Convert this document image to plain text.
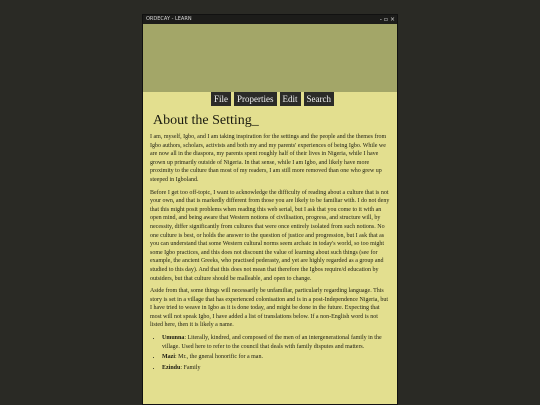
ORDECAY - LEARN	- ▫ ×
File	Properties	Edit	Search
About the Setting_

I am, myself, Igbo, and I am taking inspiration for the settings and the people and the themes from Igbo authors, scholars, activists and both my and my parents' experiences of being Igbo. While we are now all in the diaspora, my parents spent roughly half of their lives in Nigeria, while I have grown up primarily outside of Nigeria. In that sense, while I am Igbo, and likely have more proximity to the culture than most of my readers, I am still more removed than one who grew up steeped in Igboland.

Before I get too off-topic, I want to acknowledge the difficulty of reading about a culture that is not your own, and that is markedly different from those you are likely to be familiar with. I do not deny that this might posit problems when reading this web serial, but I ask that you come to it with an open mind, and being aware that Western notions of civilisation, progress, and structure will, by necessity, differ significantly from cultures that were once entirely isolated from such notions. No one culture is best, or holds the answer to the question of justice and progression, but I ask that as you can understand that some Western cultural norms seem archaic in today's world, so too might some Igbo practices, and this does not discount the value of learning about such things (see for example, the ancient Greeks, who practised pederasty, and yet are highly regarded as a group and studied to this day). And that this does not mean that therefore the Igbos require/d education by outsiders, but that culture should be malleable, and open to change.

Aside from that, some things will necessarily be unfamiliar, particularly regarding language. This story is set in a village that has experienced colonisation and is in a post-Independence Nigeria, but I have tried to weave in Igbo as it is done today, and might be done in the future. Expecting that most will not speak Igbo, I have added a list of translations below. If a non-English word is not listed here, then it is likely a name.

• Umunna: Literally, kindred, and composed of the men of an intergenerational family in the village. Used here to refer to the council that deals with family disputes and matters.
• Mazi: Mr., the gneral honorific for a man.
• Ezindu: Family
